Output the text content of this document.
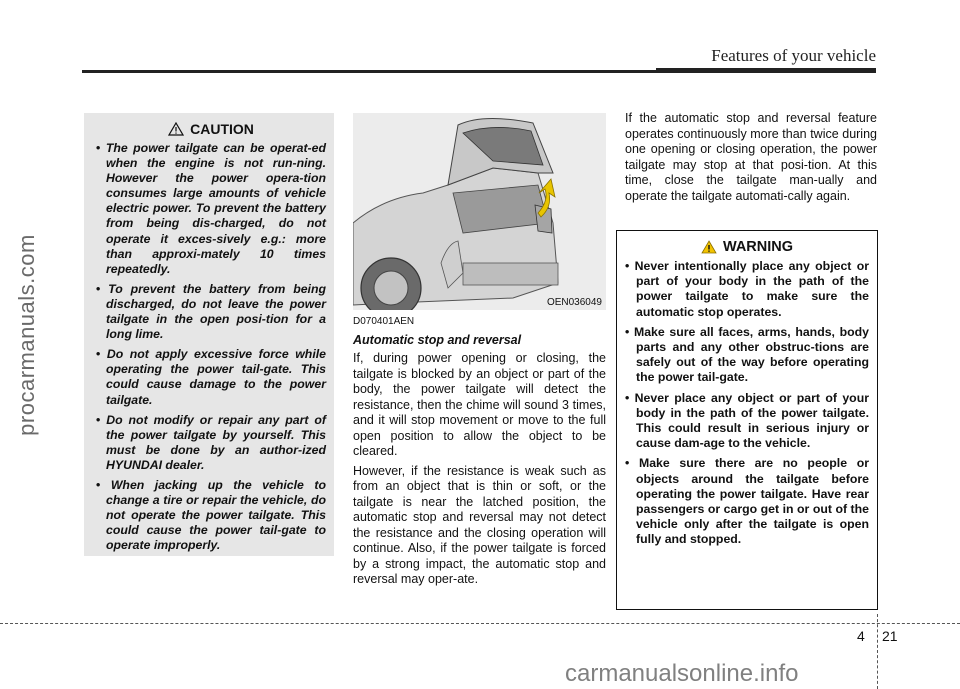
procarmanuals.com
Features of your vehicle
CAUTION
• The power tailgate can be operat-ed when the engine is not run-ning. However the power opera-tion consumes large amounts of vehicle electric power. To prevent the battery from being dis-charged, do not operate it exces-sively e.g.: more than approxi-mately 10 times repeatedly.
• To prevent the battery from being discharged, do not leave the power tailgate in the open posi-tion for a long lime.
• Do not apply excessive force while operating the power tail-gate. This could cause damage to the power tailgate.
• Do not modify or repair any part of the power tailgate by yourself. This must be done by an author-ized HYUNDAI dealer.
• When jacking up the vehicle to change a tire or repair the vehicle, do not operate the power tailgate. This could cause the power tail-gate to operate improperly.
OEN036049
D070401AEN
Automatic stop and reversal

If, during power opening or closing, the tailgate is blocked by an object or part of the body, the power tailgate will detect the resistance, then the chime will sound 3 times, and it will stop movement or move to the full open position to allow the object to be cleared.

However, if the resistance is weak such as from an object that is thin or soft, or the tailgate is near the latched position, the automatic stop and reversal may not detect the resistance and the closing operation will continue. Also, if the power tailgate is forced by a strong impact, the automatic stop and reversal may oper-ate.

If the automatic stop and reversal feature operates continuously more than twice during one opening or closing operation, the power tailgate may stop at that posi-tion. At this time, close the tailgate man-ually and operate the tailgate automati-cally again.

WARNING
• Never intentionally place any object or part of your body in the path of the power tailgate to make sure the automatic stop operates.
• Make sure all faces, arms, hands, body parts and any other obstruc-tions are safely out of the way before operating the power tail-gate.
• Never place any object or part of your body in the path of the power tailgate. This could result in serious injury or cause dam-age to the vehicle.
• Make sure there are no people or objects around the tailgate before operating the power tailgate. Have rear passengers or cargo get in or out of the vehicle only after the tailgate is open fully and stopped.
4 21
carmanualsonline.info
